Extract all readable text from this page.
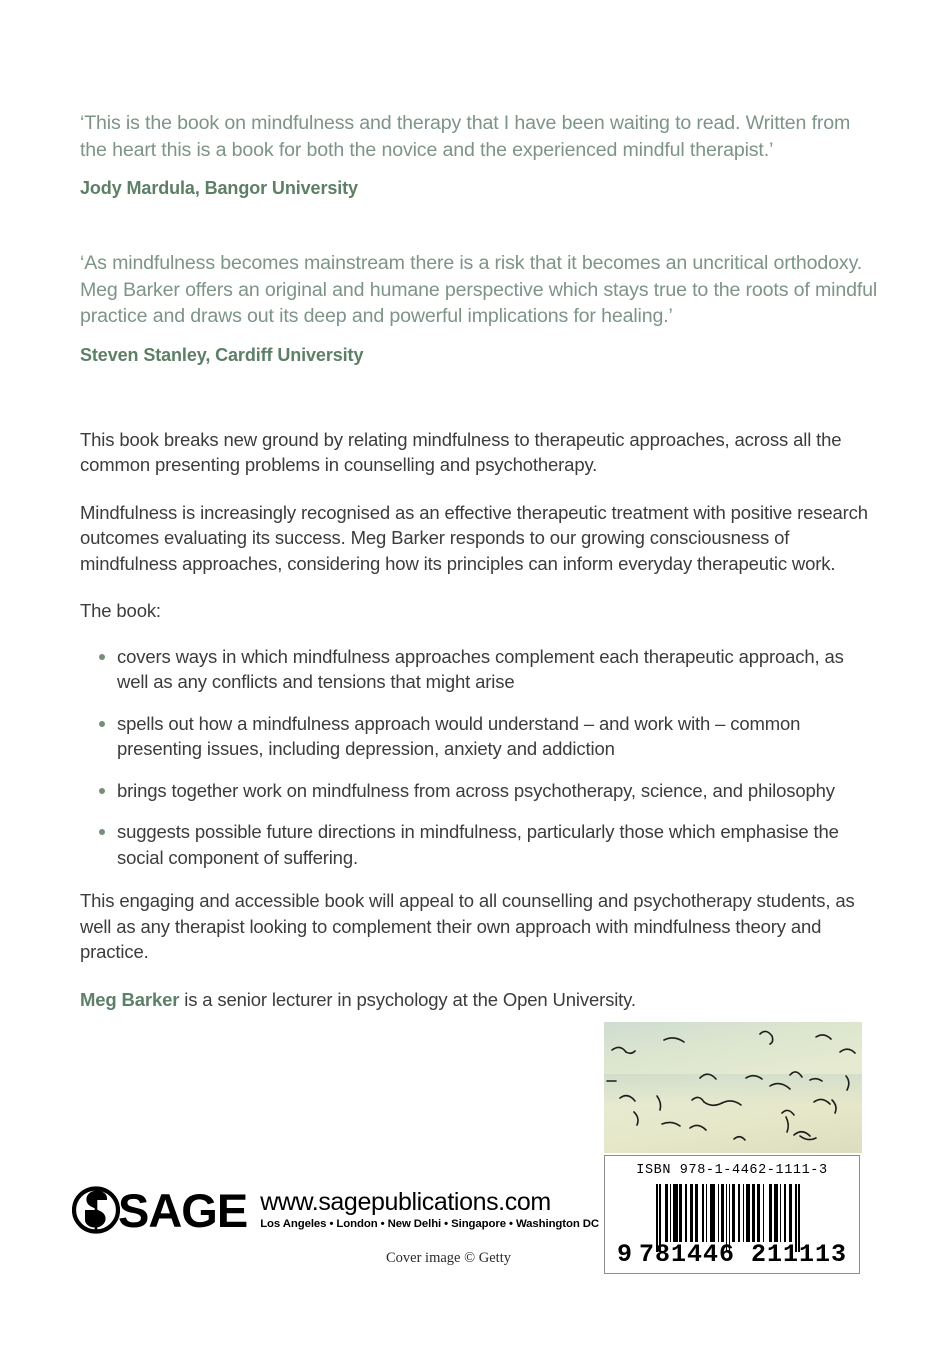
‘This is the book on mindfulness and therapy that I have been waiting to read. Written from the heart this is a book for both the novice and the experienced mindful therapist.’

Jody Mardula, Bangor University

‘As mindfulness becomes mainstream there is a risk that it becomes an uncritical orthodoxy. Meg Barker offers an original and humane perspective which stays true to the roots of mindful practice and draws out its deep and powerful implications for healing.’

Steven Stanley, Cardiff University

This book breaks new ground by relating mindfulness to therapeutic approaches, across all the common presenting problems in counselling and psychotherapy.

Mindfulness is increasingly recognised as an effective therapeutic treatment with positive research outcomes evaluating its success. Meg Barker responds to our growing consciousness of mindfulness approaches, considering how its principles can inform everyday therapeutic work.

The book:

covers ways in which mindfulness approaches complement each therapeutic approach, as well as any conflicts and tensions that might arise
spells out how a mindfulness approach would understand – and work with – common presenting issues, including depression, anxiety and addiction
brings together work on mindfulness from across psychotherapy, science, and philosophy
suggests possible future directions in mindfulness, particularly those which emphasise the social component of suffering.

This engaging and accessible book will appeal to all counselling and psychotherapy students, as well as any therapist looking to complement their own approach with mindfulness theory and practice.

Meg Barker is a senior lecturer in psychology at the Open University.

SAGE www.sagepublications.com
Los Angeles • London • New Delhi • Singapore • Washington DC
Cover image © Getty
ISBN 978-1-4462-1111-3
9 781446 211113
